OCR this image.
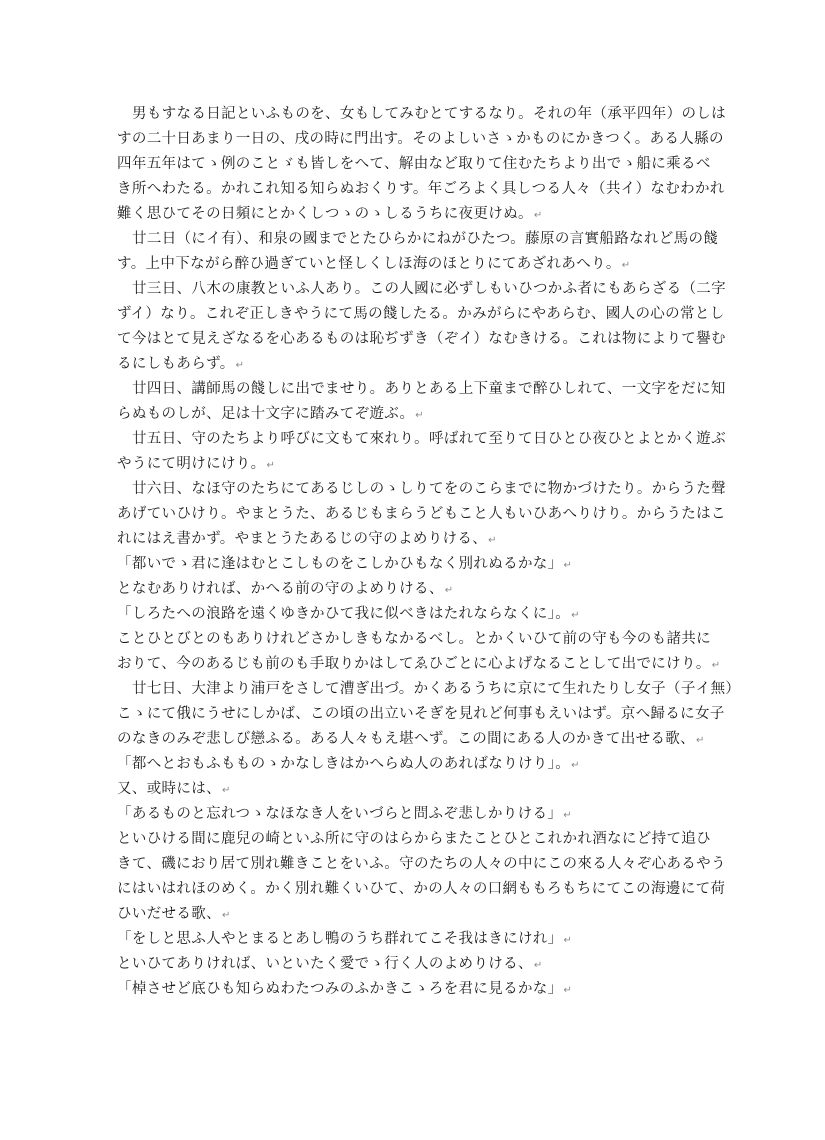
男もすなる日記といふものを、女もしてみむとてするなり。それの年（承平四年）のしは
すの二十日あまり一日の、戌の時に門出す。そのよしいさゝかものにかきつく。ある人縣の
四年五年はてゝ例のことゞも皆しをへて、解由など取りて住むたちより出でゝ船に乘るべ
き所へわたる。かれこれ知る知らぬおくりす。年ごろよく具しつる人々（共イ）なむわかれ
難く思ひてその日頻にとかくしつゝのゝしるうちに夜更けぬ。↵
廿二日（にイ有）、和泉の國までとたひらかにねがひたつ。藤原の言實船路なれど馬の餞
す。上中下ながら醉ひ過ぎていと怪しくしほ海のほとりにてあざれあへり。↵
廿三日、八木の康教といふ人あり。この人國に必ずしもいひつかふ者にもあらざる（二字
ずイ）なり。これぞ正しきやうにて馬の餞したる。かみがらにやあらむ、國人の心の常とし
て今はとて見えざなるを心あるものは恥ぢずき（ぞイ）なむきける。これは物によりて譽む
るにしもあらず。↵
廿四日、講師馬の餞しに出でませり。ありとある上下童まで醉ひしれて、一文字をだに知
らぬものしが、足は十文字に踏みてぞ遊ぶ。↵
廿五日、守のたちより呼びに文もて來れり。呼ばれて至りて日ひとひ夜ひとよとかく遊ぶ
やうにて明けにけり。↵
廿六日、なほ守のたちにてあるじしのゝしりてをのこらまでに物かづけたり。からうた聲
あげていひけり。やまとうた、あるじもまらうどもこと人もいひあへりけり。からうたはこ
れにはえ書かず。やまとうたあるじの守のよめりける、↵
「都いでゝ君に逢はむとこしものをこしかひもなく別れぬるかな」↵
となむありければ、かへる前の守のよめりける、↵
「しろたへの浪路を遠くゆきかひて我に似べきはたれならなくに」。↵
ことひとびとのもありけれどさかしきもなかるべし。とかくいひて前の守も今のも諸共に
おりて、今のあるじも前のも手取りかはしてゑひごとに心よげなることして出でにけり。↵
廿七日、大津より浦戸をさして漕ぎ出づ。かくあるうちに京にて生れたりし女子（子イ無）
こゝにて俄にうせにしかば、この頃の出立いそぎを見れど何事もえいはず。京へ歸るに女子
のなきのみぞ悲しび戀ふる。ある人々もえ堪へず。この間にある人のかきて出せる歌、↵
「都へとおもふもものゝかなしきはかへらぬ人のあればなりけり」。↵
又、或時には、↵
「あるものと忘れつゝなほなき人をいづらと問ふぞ悲しかりける」↵
といひける間に鹿兒の崎といふ所に守のはらからまたことひとこれかれ酒なにど持て追ひ
きて、磯におり居て別れ難きことをいふ。守のたちの人々の中にこの來る人々ぞ心あるやう
にはいはれほのめく。かく別れ難くいひて、かの人々の口網ももろもちにてこの海邊にて荷
ひいだせる歌、↵
「をしと思ふ人やとまるとあし鴨のうち群れてこそ我はきにけれ」↵
といひてありければ、いといたく愛でゝ行く人のよめりける、↵
「棹させど底ひも知らぬわたつみのふかきこゝろを君に見るかな」↵
